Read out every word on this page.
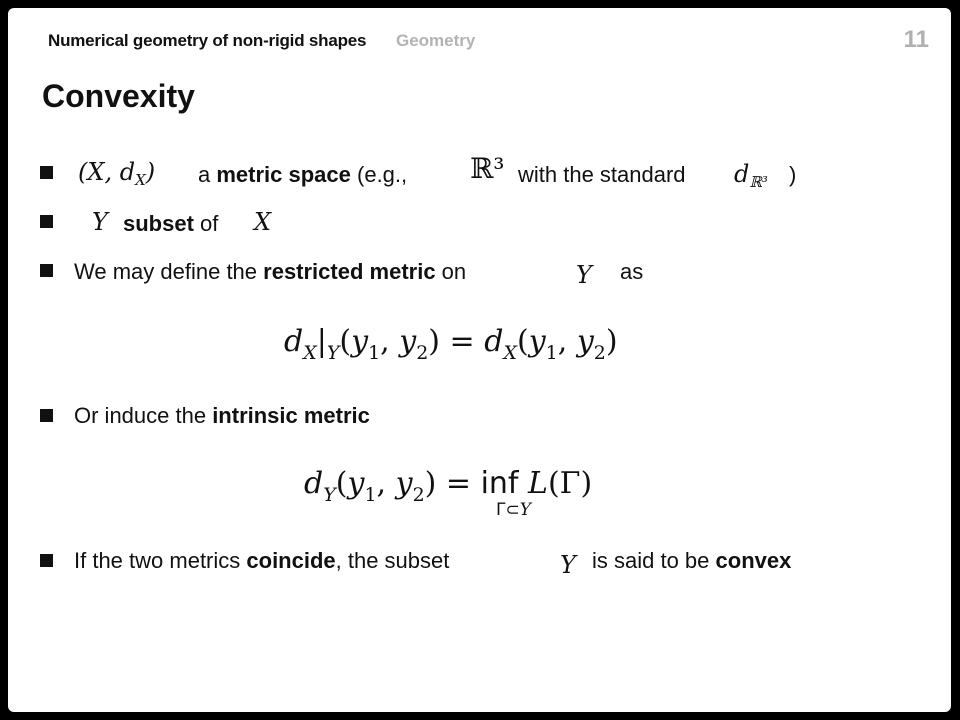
Numerical geometry of non-rigid shapes Geometry	11
Convexity
(X, $d_X$) a metric space (e.g., ℝ³ with the standard $d_{ℝ^3}$ )
Y subset of X
We may define the restricted metric on	Y as
$d_X|_Y(y_1$, $y_2) = d_X(y_1$, $y_2$)
Or induce the intrinsic metric
$d_Y(y_1$, $y_2$) = inf L(Γ)
Γ⊂Y
If the two metrics coincide, the subset	Y is said to be convex
